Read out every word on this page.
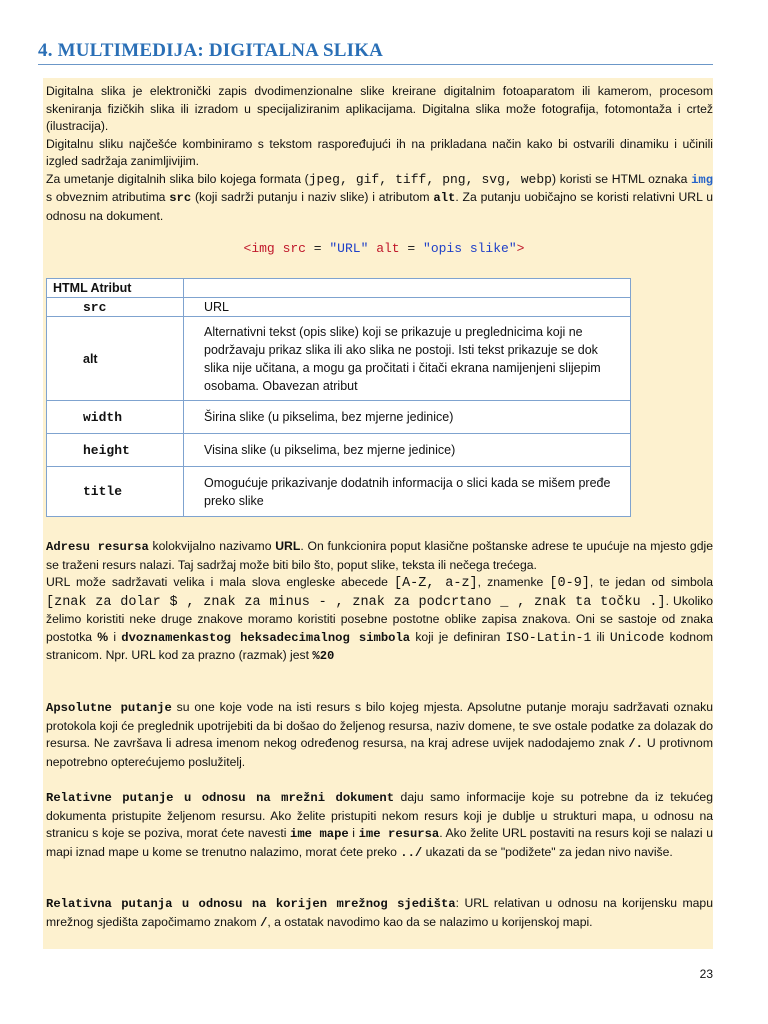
4. MULTIMEDIJA: DIGITALNA SLIKA

Digitalna slika je elektronički zapis dvodimenzionalne slike kreirane digitalnim fotoaparatom ili kamerom, procesom skeniranja fizičkih slika ili izradom u specijaliziranim aplikacijama. Digitalna slika može fotografija, fotomontaža i crtež (ilustracija).

Digitalnu sliku najčešće kombiniramo s tekstom raspoređujući ih na prikladana način kako bi ostvarili dinamiku i učinili izgled sadržaja zanimljivijim.

Za umetanje digitalnih slika bilo kojega formata (jpeg, gif, tiff, png, svg, webp) koristi se HTML oznaka img s obveznim atributima src (koji sadrži putanju i naziv slike) i atributom alt. Za putanju uobičajno se koristi relativni URL u odnosu na dokument.

<img src = "URL" alt = "opis slike">
HTML Atribut	
src	URL
alt	Alternativni tekst (opis slike) koji se prikazuje u preglednicima koji ne podržavaju prikaz slika ili ako slika ne postoji. Isti tekst prikazuje se dok slika nije učitana, a mogu ga pročitati i čitači ekrana namijenjeni slijepim osobama. Obavezan atribut
width	Širina slike (u pikselima, bez mjerne jedinice)
height	Visina slike (u pikselima, bez mjerne jedinice)
title	Omogućuje prikazivanje dodatnih informacija o slici kada se mišem pređe preko slike

Adresu resursa kolokvijalno nazivamo URL. On funkcionira poput klasične poštanske adrese te upućuje na mjesto gdje se traženi resurs nalazi. Taj sadržaj može biti bilo što, poput slike, teksta ili nečega trećega.

URL može sadržavati velika i mala slova engleske abecede [A-Z, a-z], znamenke [0-9], te jedan od simbola [znak za dolar $ , znak za minus - , znak za podcrtano _ , znak ta točku .]. Ukoliko želimo koristiti neke druge znakove moramo koristiti posebne postotne oblike zapisa znakova. Oni se sastoje od znaka postotka % i dvoznamenkastog heksadecimalnog simbola koji je definiran ISO-Latin-1 ili Unicode kodnom stranicom. Npr. URL kod za prazno (razmak) jest %20

Apsolutne putanje su one koje vode na isti resurs s bilo kojeg mjesta. Apsolutne putanje moraju sadržavati oznaku protokola koji će preglednik upotrijebiti da bi došao do željenog resursa, naziv domene, te sve ostale podatke za dolazak do resursa. Ne završava li adresa imenom nekog određenog resursa, na kraj adrese uvijek nadodajemo znak /. U protivnom nepotrebno opterećujemo poslužitelj.

Relativne putanje u odnosu na mrežni dokument daju samo informacije koje su potrebne da iz tekućeg dokumenta pristupite željenom resursu. Ako želite pristupiti nekom resurs koji je dublje u strukturi mapa, u odnosu na stranicu s koje se poziva, morat ćete navesti ime mape i ime resursa. Ako želite URL postaviti na resurs koji se nalazi u mapi iznad mape u kome se trenutno nalazimo, morat ćete preko ../ ukazati da se "podižete" za jedan nivo naviše.

Relativna putanja u odnosu na korijen mrežnog sjedišta: URL relativan u odnosu na korijensku mapu mrežnog sjedišta započimamo znakom /, a ostatak navodimo kao da se nalazimo u korijenskoj mapi.

23
